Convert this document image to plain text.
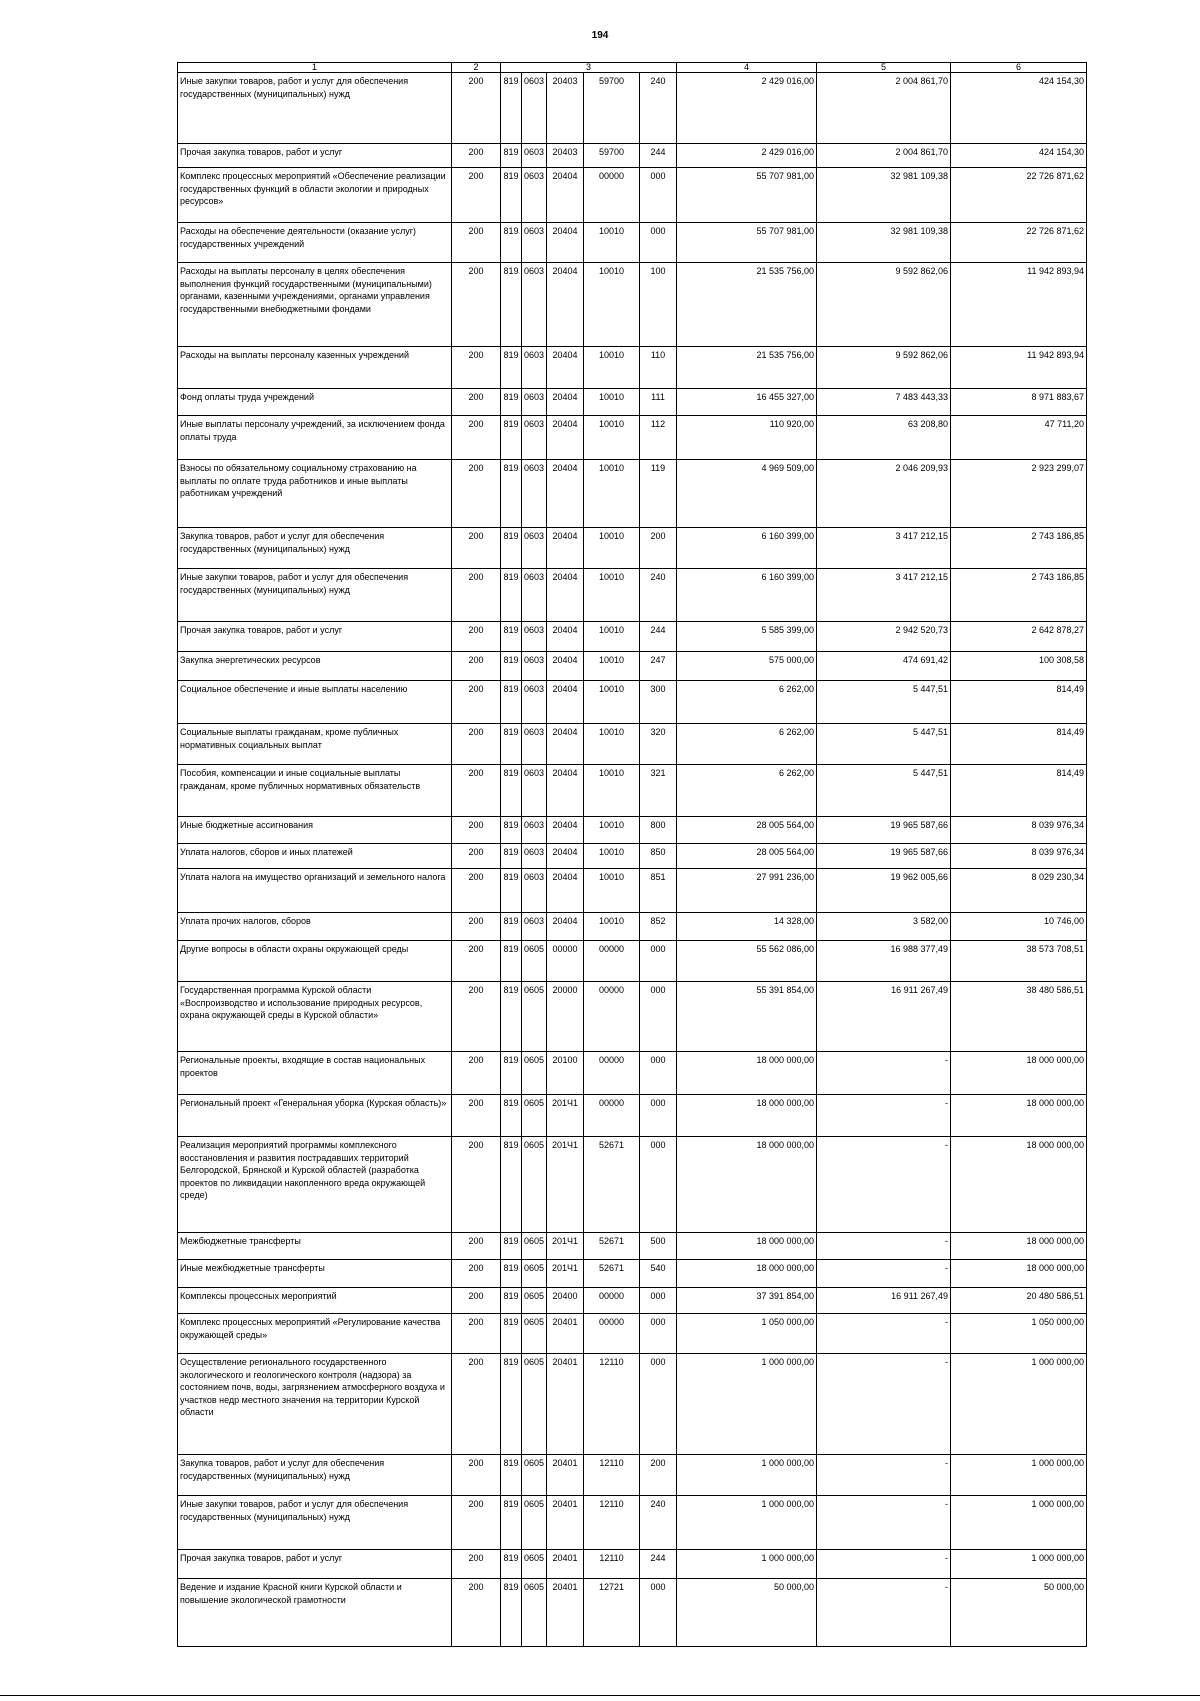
194
1	2	3					4	5	6
Иные закупки товаров, работ и услуг для обеспечения государственных (муниципальных) нужд	200	819	0603	20403	59700	240	2 429 016,00	2 004 861,70	424 154,30
Прочая закупка товаров, работ и услуг	200	819	0603	20403	59700	244	2 429 016,00	2 004 861,70	424 154,30
Комплекс процессных мероприятий «Обеспечение реализации государственных функций в области экологии и природных ресурсов»	200	819	0603	20404	00000	000	55 707 981,00	32 981 109,38	22 726 871,62
Расходы на обеспечение деятельности (оказание услуг) государственных учреждений	200	819	0603	20404	10010	000	55 707 981,00	32 981 109,38	22 726 871,62
Расходы на выплаты персоналу в целях обеспечения выполнения функций государственными (муниципальными) органами, казенными учреждениями, органами управления государственными внебюджетными фондами	200	819	0603	20404	10010	100	21 535 756,00	9 592 862,06	11 942 893,94
Расходы на выплаты персоналу казенных учреждений	200	819	0603	20404	10010	110	21 535 756,00	9 592 862,06	11 942 893,94
Фонд оплаты труда учреждений	200	819	0603	20404	10010	111	16 455 327,00	7 483 443,33	8 971 883,67
Иные выплаты персоналу учреждений, за исключением фонда оплаты труда	200	819	0603	20404	10010	112	110 920,00	63 208,80	47 711,20
Взносы по обязательному социальному страхованию на выплаты по оплате труда работников и иные выплаты работникам учреждений	200	819	0603	20404	10010	119	4 969 509,00	2 046 209,93	2 923 299,07
Закупка товаров, работ и услуг для обеспечения государственных (муниципальных) нужд	200	819	0603	20404	10010	200	6 160 399,00	3 417 212,15	2 743 186,85
Иные закупки товаров, работ и услуг для обеспечения государственных (муниципальных) нужд	200	819	0603	20404	10010	240	6 160 399,00	3 417 212,15	2 743 186,85
Прочая закупка товаров, работ и услуг	200	819	0603	20404	10010	244	5 585 399,00	2 942 520,73	2 642 878,27
Закупка энергетических ресурсов	200	819	0603	20404	10010	247	575 000,00	474 691,42	100 308,58
Социальное обеспечение и иные выплаты населению	200	819	0603	20404	10010	300	6 262,00	5 447,51	814,49
Социальные выплаты гражданам, кроме публичных нормативных социальных выплат	200	819	0603	20404	10010	320	6 262,00	5 447,51	814,49
Пособия, компенсации и иные социальные выплаты гражданам, кроме публичных нормативных обязательств	200	819	0603	20404	10010	321	6 262,00	5 447,51	814,49
Иные бюджетные ассигнования	200	819	0603	20404	10010	800	28 005 564,00	19 965 587,66	8 039 976,34
Уплата налогов, сборов и иных платежей	200	819	0603	20404	10010	850	28 005 564,00	19 965 587,66	8 039 976,34
Уплата налога на имущество организаций и земельного налога	200	819	0603	20404	10010	851	27 991 236,00	19 962 005,66	8 029 230,34
Уплата прочих налогов, сборов	200	819	0603	20404	10010	852	14 328,00	3 582,00	10 746,00
Другие вопросы в области охраны окружающей среды	200	819	0605	00000	00000	000	55 562 086,00	16 988 377,49	38 573 708,51
Государственная программа Курской области «Воспроизводство и использование природных ресурсов, охрана окружающей среды в Курской области»	200	819	0605	20000	00000	000	55 391 854,00	16 911 267,49	38 480 586,51
Региональные проекты, входящие в состав национальных проектов	200	819	0605	20100	00000	000	18 000 000,00	-	18 000 000,00
Региональный проект «Генеральная уборка (Курская область)»	200	819	0605	201Ч1	00000	000	18 000 000,00	-	18 000 000,00
Реализация мероприятий программы комплексного восстановления и развития пострадавших территорий Белгородской, Брянской и Курской областей (разработка проектов по ликвидации накопленного вреда окружающей среде)	200	819	0605	201Ч1	52671	000	18 000 000,00	-	18 000 000,00
Межбюджетные трансферты	200	819	0605	201Ч1	52671	500	18 000 000,00	-	18 000 000,00
Иные межбюджетные трансферты	200	819	0605	201Ч1	52671	540	18 000 000,00	-	18 000 000,00
Комплексы процессных мероприятий	200	819	0605	20400	00000	000	37 391 854,00	16 911 267,49	20 480 586,51
Комплекс процессных мероприятий «Регулирование качества окружающей среды»	200	819	0605	20401	00000	000	1 050 000,00	-	1 050 000,00
Осуществление регионального государственного экологического и геологического контроля (надзора) за состоянием почв, воды, загрязнением атмосферного воздуха и участков недр местного значения на территории Курской области	200	819	0605	20401	12110	000	1 000 000,00	-	1 000 000,00
Закупка товаров, работ и услуг для обеспечения государственных (муниципальных) нужд	200	819	0605	20401	12110	200	1 000 000,00	-	1 000 000,00
Иные закупки товаров, работ и услуг для обеспечения государственных (муниципальных) нужд	200	819	0605	20401	12110	240	1 000 000,00	-	1 000 000,00
Прочая закупка товаров, работ и услуг	200	819	0605	20401	12110	244	1 000 000,00	-	1 000 000,00
Ведение и издание Красной книги Курской области и повышение экологической грамотности	200	819	0605	20401	12721	000	50 000,00	-	50 000,00
